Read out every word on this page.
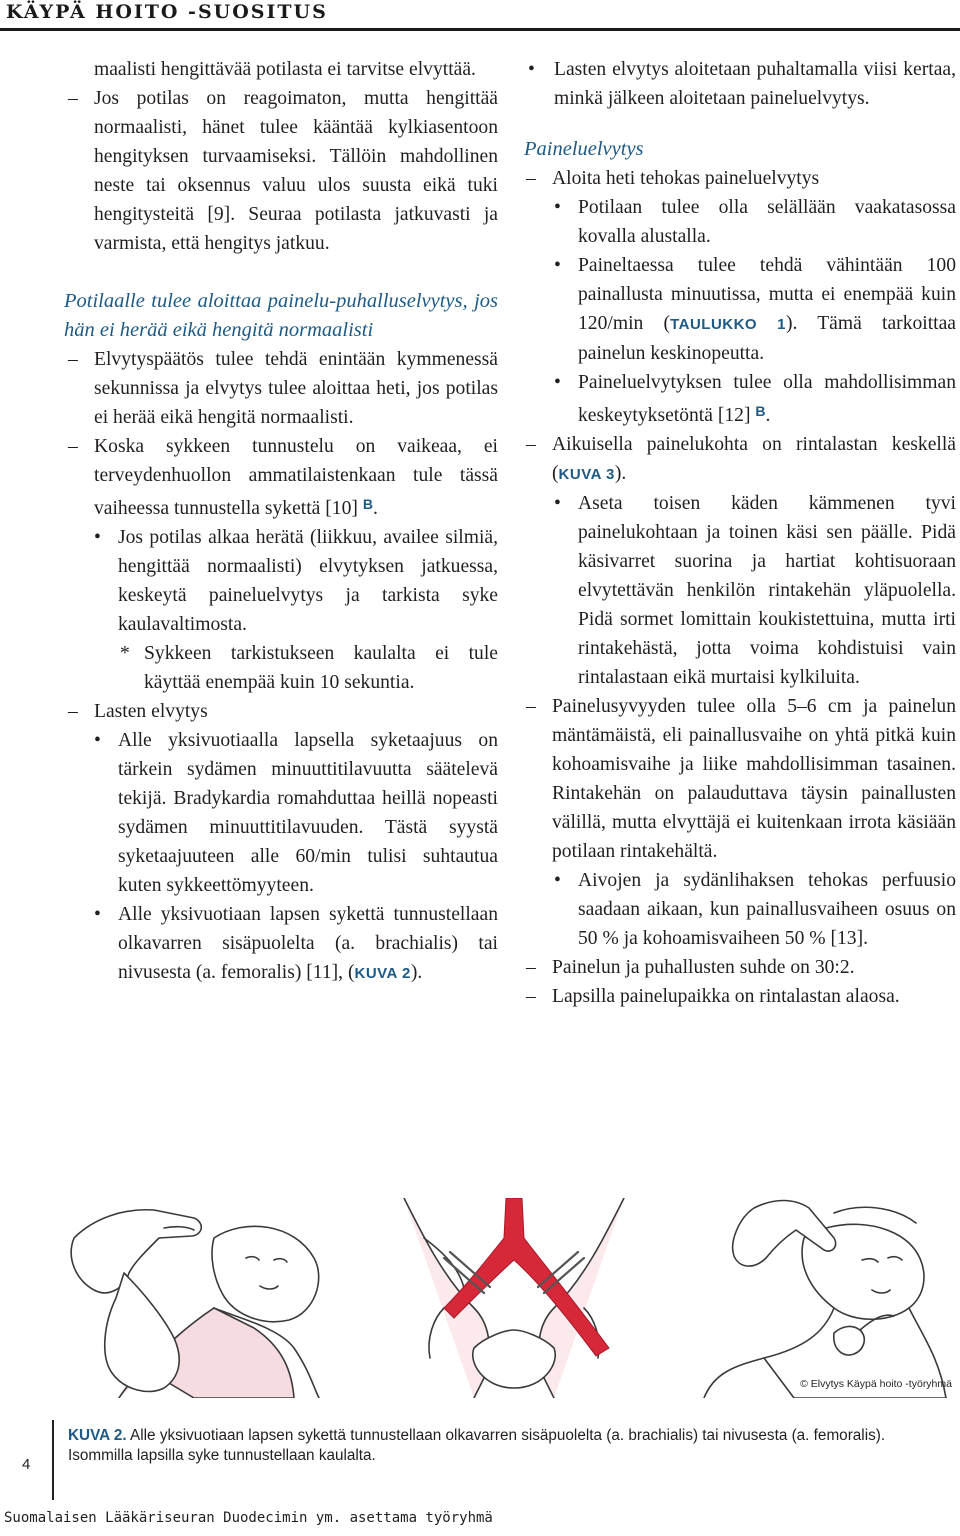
KÄYPÄ HOITO -SUOSITUS

maalisti hengittävää potilasta ei tarvitse elvyttää.

– Jos potilas on reagoimaton, mutta hengittää normaalisti, hänet tulee kääntää kylkiasentoon hengityksen turvaamiseksi. Tällöin mahdollinen neste tai oksennus valuu ulos suusta eikä tuki hengitysteitä [9]. Seuraa potilasta jatkuvasti ja varmista, että hengitys jatkuu.

Potilaalle tulee aloittaa painelu-puhalluselvytys, jos hän ei herää eikä hengitä normaalisti

– Elvytyspäätös tulee tehdä enintään kymmenessä sekunnissa ja elvytys tulee aloittaa heti, jos potilas ei herää eikä hengitä normaalisti.
– Koska sykkeen tunnustelu on vaikeaa, ei terveydenhuollon ammatilaistenkaan tule tässä vaiheessa tunnustella sykettä [10] $^B$.
• Jos potilas alkaa herätä (liikkuu, availee silmiä, hengittää normaalisti) elvytyksen jatkuessa, keskeytä paineluelvytys ja tarkista syke kaulavaltimosta.
* Sykkeen tarkistukseen kaulalta ei tule käyttää enempää kuin 10 sekuntia.
– Lasten elvytys
• Alle yksivuotiaalla lapsella syketaajuus on tärkein sydämen minuuttitilavuutta säätelevä tekijä. Bradykardia romahduttaa heillä nopeasti sydämen minuuttitilavuuden. Tästä syystä syketaajuuteen alle 60/min tulisi suhtautua kuten sykkeettömyyteen.
• Alle yksivuotiaan lapsen sykettä tunnustellaan olkavarren sisäpuolelta (a. brachialis) tai nivusesta (a. femoralis) [11], (KUVA 2).
• Lasten elvytys aloitetaan puhaltamalla viisi kertaa, minkä jälkeen aloitetaan paineluelvytys.

Paineluelvytys

– Aloita heti tehokas paineluelvytys
• Potilaan tulee olla selällään vaakatasossa kovalla alustalla.
• Paineltaessa tulee tehdä vähintään 100 painallusta minuutissa, mutta ei enempää kuin 120/min (TAULUKKO 1). Tämä tarkoittaa painelun keskinopeutta.
• Paineluelvytyksen tulee olla mahdollisimman keskeytyksetöntä [12] $^B$.
– Aikuisella painelukohta on rintalastan keskellä (KUVA 3).
• Aseta toisen käden kämmenen tyvi painelukohtaan ja toinen käsi sen päälle. Pidä käsivarret suorina ja hartiat kohtisuoraan elvytettävän henkilön rintakehän yläpuolella. Pidä sormet lomittain koukistettuina, mutta irti rintakehästä, jotta voima kohdistuisi vain rintalastaan eikä murtaisi kylkiluita.
– Painelusyvyyden tulee olla 5–6 cm ja painelun mäntämäistä, eli painallusvaihe on yhtä pitkä kuin kohoamisvaihe ja liike mahdollisimman tasainen. Rintakehän on palauduttava täysin painallusten välillä, mutta elvyttäjä ei kuitenkaan irrota käsiään potilaan rintakehältä.
• Aivojen ja sydänlihaksen tehokas perfuusio saadaan aikaan, kun painallusvaiheen osuus on 50 % ja kohoamisvaiheen 50 % [13].
– Painelun ja puhallusten suhde on 30:2.
– Lapsilla painelupaikka on rintalastan alaosa.
© Elvytys Käypä hoito -työryhmä
4
KUVA 2. Alle yksivuotiaan lapsen sykettä tunnustellaan olkavarren sisäpuolelta (a. brachialis) tai nivusesta (a. femoralis). Isommilla lapsilla syke tunnustellaan kaulalta.
Suomalaisen Lääkäriseuran Duodecimin ym. asettama työryhmä
